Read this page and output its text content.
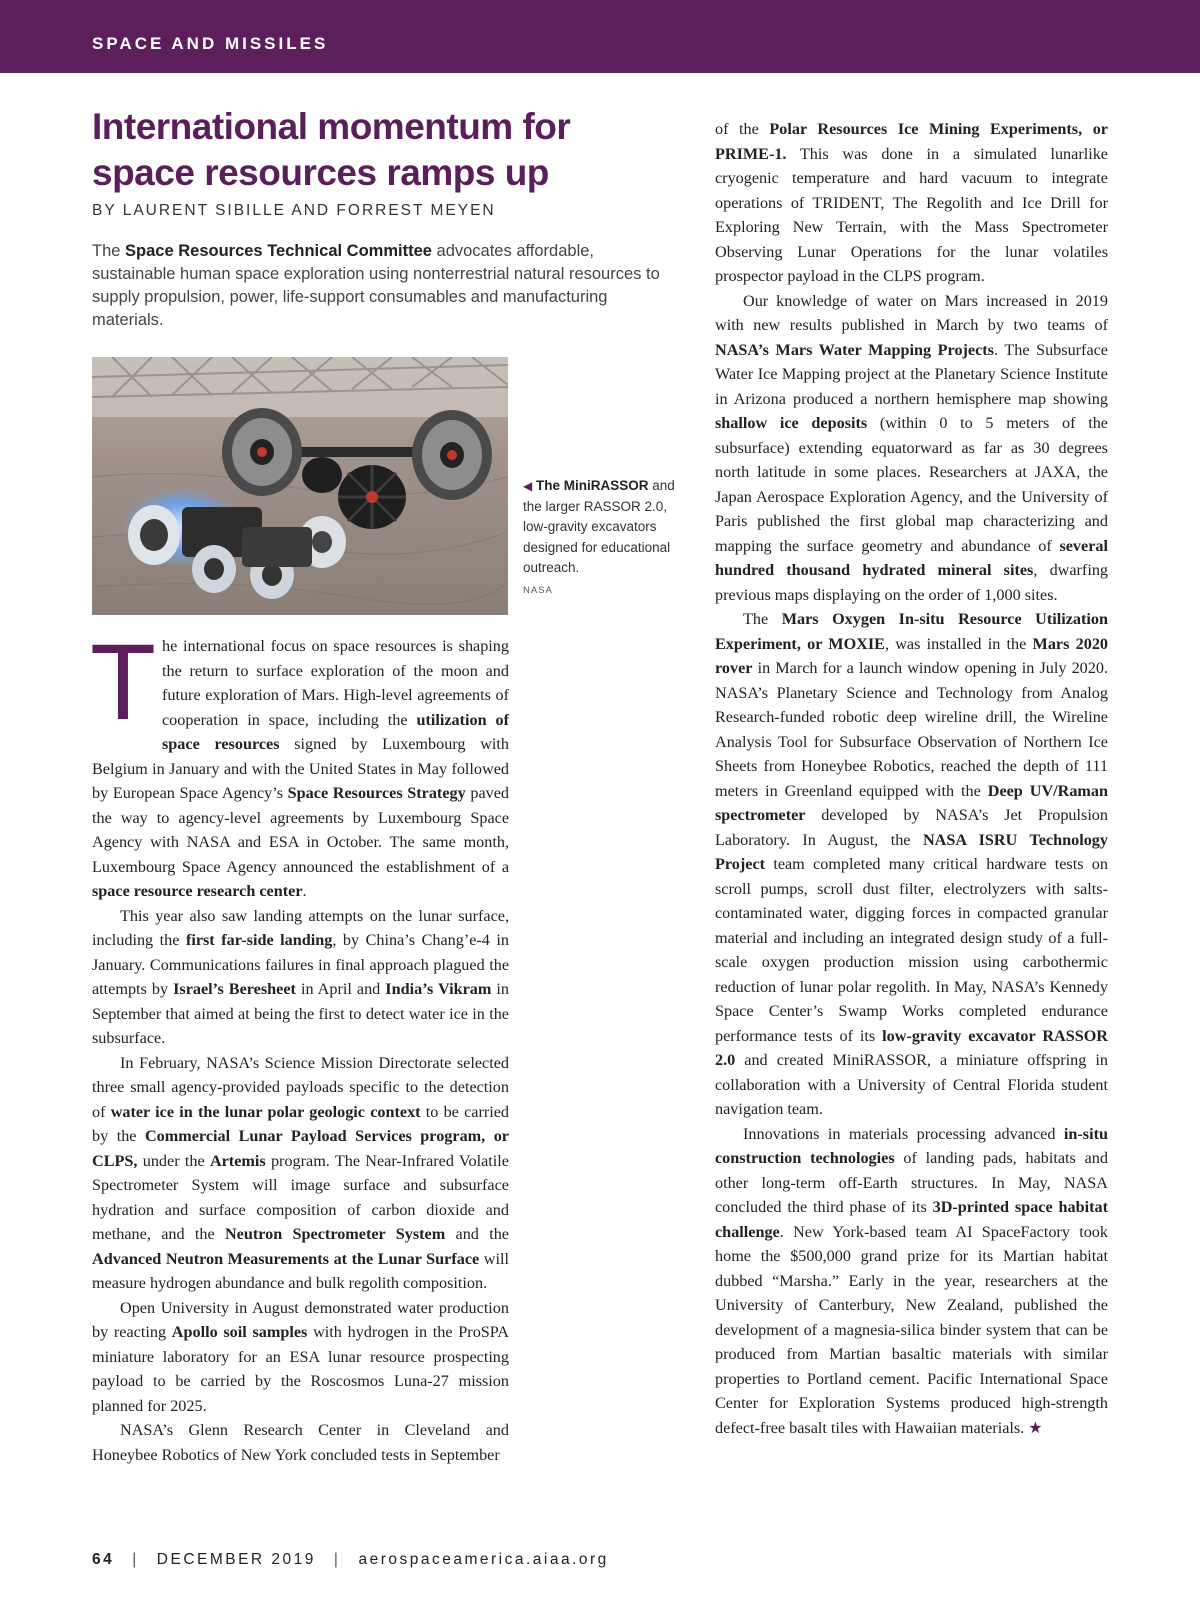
SPACE AND MISSILES
International momentum for space resources ramps up
BY LAURENT SIBILLE AND FORREST MEYEN
The Space Resources Technical Committee advocates affordable, sustainable human space exploration using nonterrestrial natural resources to supply propulsion, power, life-support consumables and manufacturing materials.
◀ The MiniRASSOR and the larger RASSOR 2.0, low-gravity excavators designed for educational outreach.
NASA
T he international focus on space resources is shaping the return to surface exploration of the moon and future exploration of Mars. High-level agreements of cooperation in space, including the utilization of space resources signed by Luxembourg with Belgium in January and with the United States in May followed by European Space Agency’s Space Resources Strategy paved the way to agency-level agreements by Luxembourg Space Agency with NASA and ESA in October. The same month, Luxembourg Space Agency announced the establishment of a space resource research center.

This year also saw landing attempts on the lunar surface, including the first far-side landing, by China’s Chang’e-4 in January. Communications failures in final approach plagued the attempts by Israel’s Beresheet in April and India’s Vikram in September that aimed at being the first to detect water ice in the subsurface.

In February, NASA’s Science Mission Directorate selected three small agency-provided payloads specific to the detection of water ice in the lunar polar geologic context to be carried by the Commercial Lunar Payload Services program, or CLPS, under the Artemis program. The Near-Infrared Volatile Spectrometer System will image surface and subsurface hydration and surface composition of carbon dioxide and methane, and the Neutron Spectrometer System and the Advanced Neutron Measurements at the Lunar Surface will measure hydrogen abundance and bulk regolith composition.

Open University in August demonstrated water production by reacting Apollo soil samples with hydrogen in the ProSPA miniature laboratory for an ESA lunar resource prospecting payload to be carried by the Roscosmos Luna-27 mission planned for 2025.

NASA’s Glenn Research Center in Cleveland and Honeybee Robotics of New York concluded tests in September

of the Polar Resources Ice Mining Experiments, or PRIME-1. This was done in a simulated lunarlike cryogenic temperature and hard vacuum to integrate operations of TRIDENT, The Regolith and Ice Drill for Exploring New Terrain, with the Mass Spectrometer Observing Lunar Operations for the lunar volatiles prospector payload in the CLPS program.

Our knowledge of water on Mars increased in 2019 with new results published in March by two teams of NASA’s Mars Water Mapping Projects. The Subsurface Water Ice Mapping project at the Planetary Science Institute in Arizona produced a northern hemisphere map showing shallow ice deposits (within 0 to 5 meters of the subsurface) extending equatorward as far as 30 degrees north latitude in some places. Researchers at JAXA, the Japan Aerospace Exploration Agency, and the University of Paris published the first global map characterizing and mapping the surface geometry and abundance of several hundred thousand hydrated mineral sites, dwarfing previous maps displaying on the order of 1,000 sites.

The Mars Oxygen In-situ Resource Utilization Experiment, or MOXIE, was installed in the Mars 2020 rover in March for a launch window opening in July 2020. NASA’s Planetary Science and Technology from Analog Research-funded robotic deep wireline drill, the Wireline Analysis Tool for Subsurface Observation of Northern Ice Sheets from Honeybee Robotics, reached the depth of 111 meters in Greenland equipped with the Deep UV/Raman spectrometer developed by NASA’s Jet Propulsion Laboratory. In August, the NASA ISRU Technology Project team completed many critical hardware tests on scroll pumps, scroll dust filter, electrolyzers with salts-contaminated water, digging forces in compacted granular material and including an integrated design study of a full-scale oxygen production mission using carbothermic reduction of lunar polar regolith. In May, NASA’s Kennedy Space Center’s Swamp Works completed endurance performance tests of its low-gravity excavator RASSOR 2.0 and created MiniRASSOR, a miniature offspring in collaboration with a University of Central Florida student navigation team.

Innovations in materials processing advanced in-situ construction technologies of landing pads, habitats and other long-term off-Earth structures. In May, NASA concluded the third phase of its 3D-printed space habitat challenge. New York-based team AI SpaceFactory took home the $500,000 grand prize for its Martian habitat dubbed “Marsha.” Early in the year, researchers at the University of Canterbury, New Zealand, published the development of a magnesia-silica binder system that can be produced from Martian basaltic materials with similar properties to Portland cement. Pacific International Space Center for Exploration Systems produced high-strength defect-free basalt tiles with Hawaiian materials. ★

64 | DECEMBER 2019 | aerospaceamerica.aiaa.org
